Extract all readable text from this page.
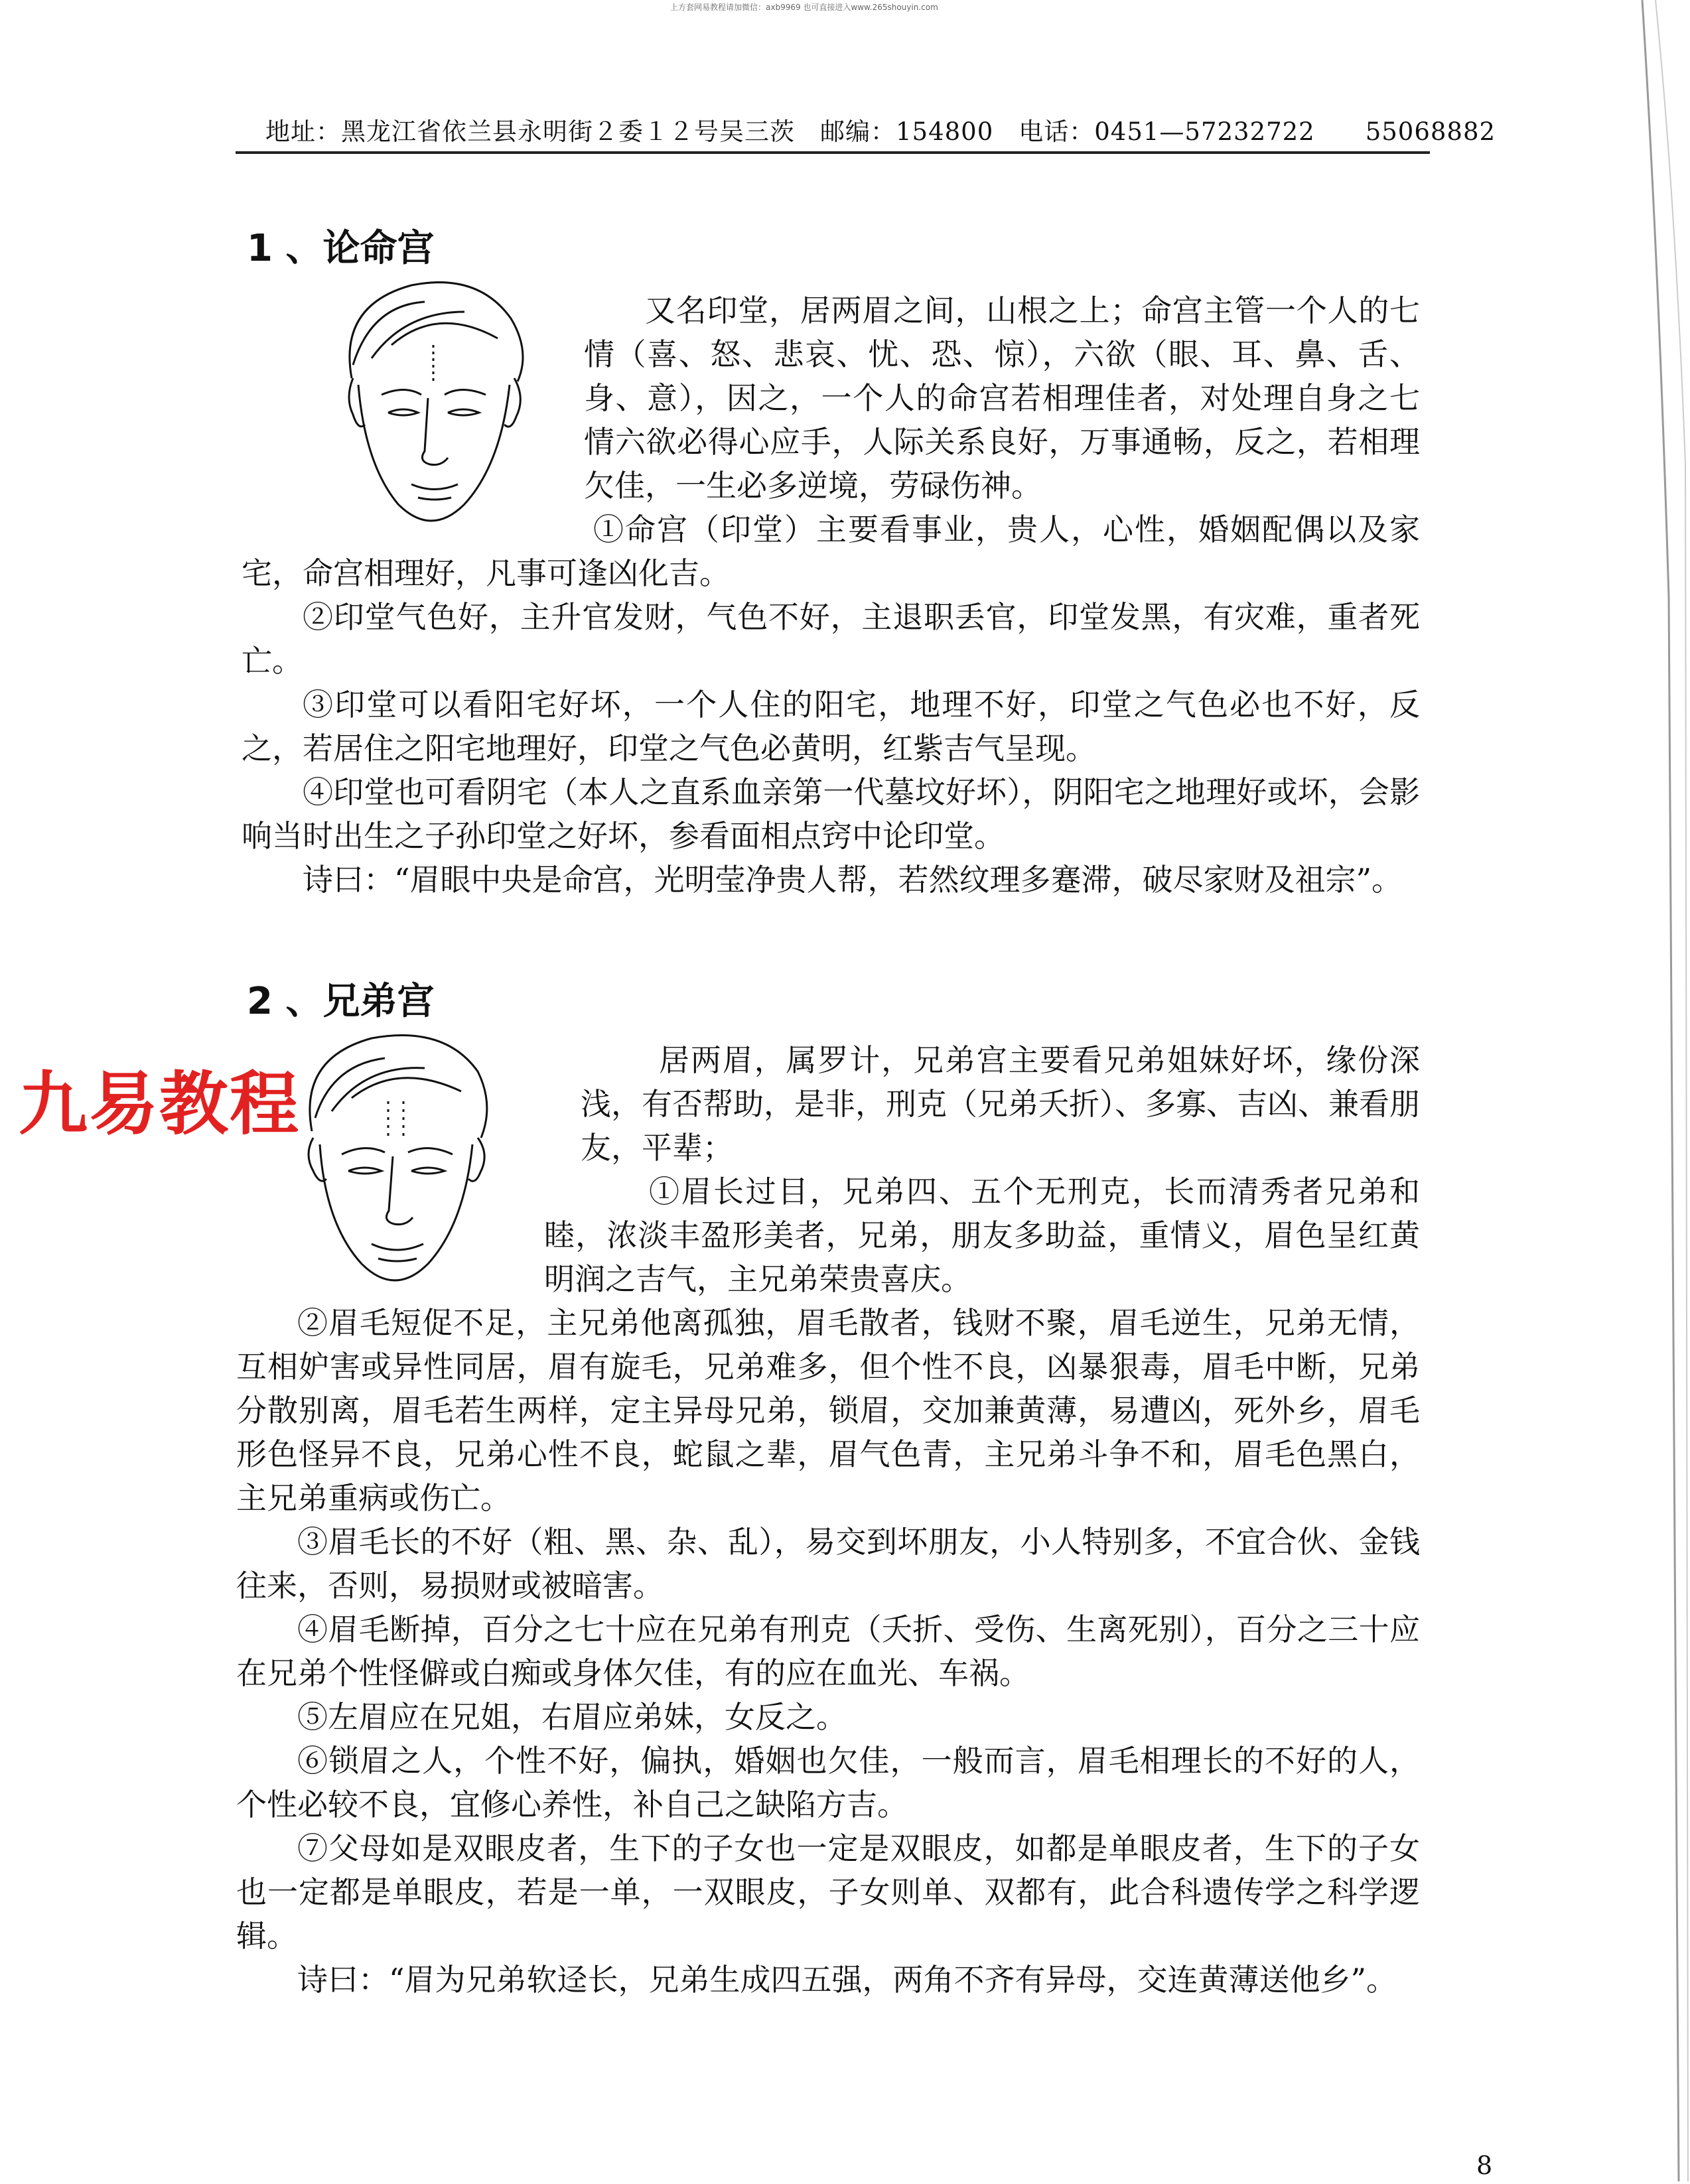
上方套网易教程请加微信：axb9969 也可直接进入www.265shouyin.com
地址：黑龙江省依兰县永明街２委１２号吴三茨　邮编：154800　电话：0451—57232722　　55068882
1 、论命宫

又名印堂，居两眉之间，山根之上；命宫主管一个人的七情（喜、怒、悲哀、忧、恐、惊），六欲（眼、耳、鼻、舌、身、意），因之，一个人的命宫若相理佳者，对处理自身之七情六欲必得心应手，人际关系良好，万事通畅，反之，若相理欠佳，一生必多逆境，劳碌伤神。

①命宫（印堂）主要看事业，贵人，心性，婚姻配偶以及家宅，命宫相理好，凡事可逢凶化吉。

②印堂气色好，主升官发财，气色不好，主退职丢官，印堂发黑，有灾难，重者死亡。

③印堂可以看阳宅好坏，一个人住的阳宅，地理不好，印堂之气色必也不好，反之，若居住之阳宅地理好，印堂之气色必黄明，红紫吉气呈现。

④印堂也可看阴宅（本人之直系血亲第一代墓坟好坏），阴阳宅之地理好或坏，会影响当时出生之子孙印堂之好坏，参看面相点窍中论印堂。

诗曰：“眉眼中央是命宫，光明莹净贵人帮，若然纹理多蹇滞，破尽家财及祖宗”。

2 、兄弟宫
九易教程

居两眉，属罗计，兄弟宫主要看兄弟姐妹好坏，缘份深浅，有否帮助，是非，刑克（兄弟夭折）、多寡、吉凶、兼看朋友，平辈；

①眉长过目，兄弟四、五个无刑克，长而清秀者兄弟和睦，浓淡丰盈形美者，兄弟，朋友多助益，重情义，眉色呈红黄明润之吉气，主兄弟荣贵喜庆。

②眉毛短促不足，主兄弟他离孤独，眉毛散者，钱财不聚，眉毛逆生，兄弟无情，互相妒害或异性同居，眉有旋毛，兄弟难多，但个性不良，凶暴狠毒，眉毛中断，兄弟分散别离，眉毛若生两样，定主异母兄弟，锁眉，交加兼黄薄，易遭凶，死外乡，眉毛形色怪异不良，兄弟心性不良，蛇鼠之辈，眉气色青，主兄弟斗争不和，眉毛色黑白，主兄弟重病或伤亡。

③眉毛长的不好（粗、黑、杂、乱），易交到坏朋友，小人特别多，不宜合伙、金钱往来，否则，易损财或被暗害。

④眉毛断掉，百分之七十应在兄弟有刑克（夭折、受伤、生离死别），百分之三十应在兄弟个性怪僻或白痴或身体欠佳，有的应在血光、车祸。

⑤左眉应在兄姐，右眉应弟妹，女反之。

⑥锁眉之人，个性不好，偏执，婚姻也欠佳，一般而言，眉毛相理长的不好的人，个性必较不良，宜修心养性，补自己之缺陷方吉。

⑦父母如是双眼皮者，生下的子女也一定是双眼皮，如都是单眼皮者，生下的子女也一定都是单眼皮，若是一单，一双眼皮，子女则单、双都有，此合科遗传学之科学逻辑。

诗曰：“眉为兄弟软迳长，兄弟生成四五强，两角不齐有异母，交连黄薄送他乡”。

8
